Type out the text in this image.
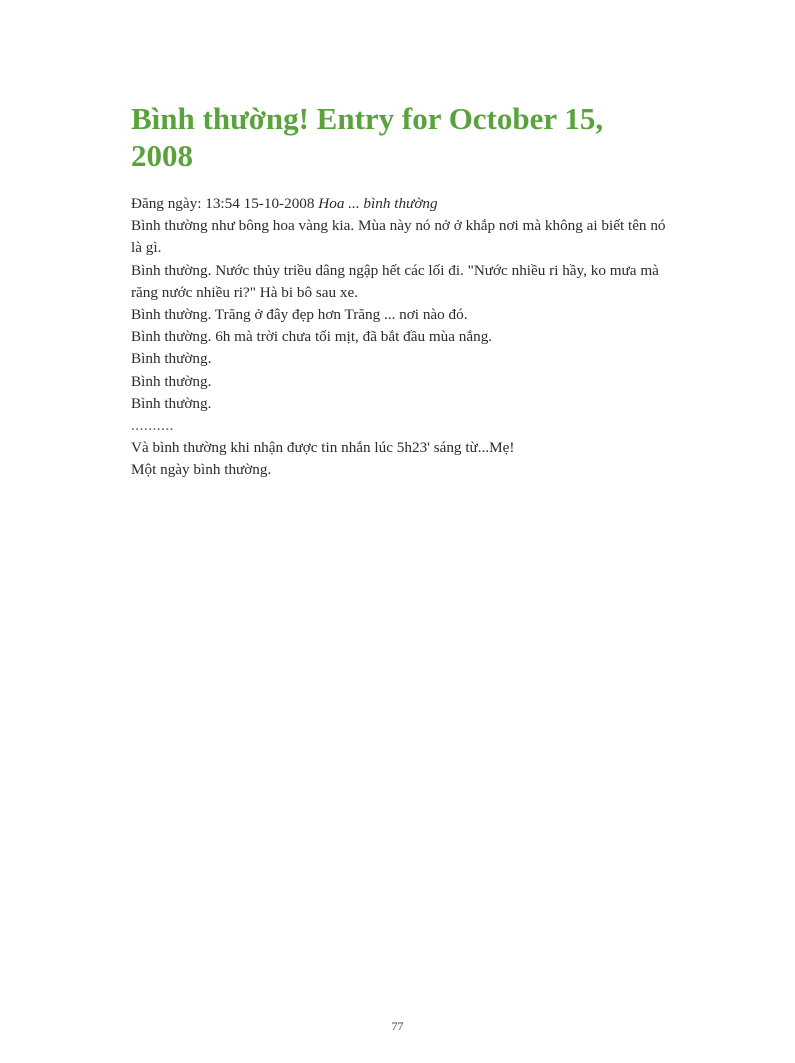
Bình thường! Entry for October 15, 2008

Đăng ngày: 13:54 15-10-2008 Hoa ... bình thường

Bình thường như bông hoa vàng kia. Mùa này nó nở ở khắp nơi mà không ai biết tên nó là gì.

Bình thường. Nước thủy triều dâng ngập hết các lối đi. "Nước nhiều ri hầy, ko mưa mà răng nước nhiều ri?" Hà bi bô sau xe.

Bình thường. Trăng ở đây đẹp hơn Trăng ... nơi nào đó.

Bình thường. 6h mà trời chưa tối mịt, đã bắt đầu mùa nắng.

Bình thường.

Bình thường.

Bình thường.

..........

Và bình thường khi nhận được tin nhắn lúc 5h23' sáng từ...Mẹ!

Một ngày bình thường.

77
